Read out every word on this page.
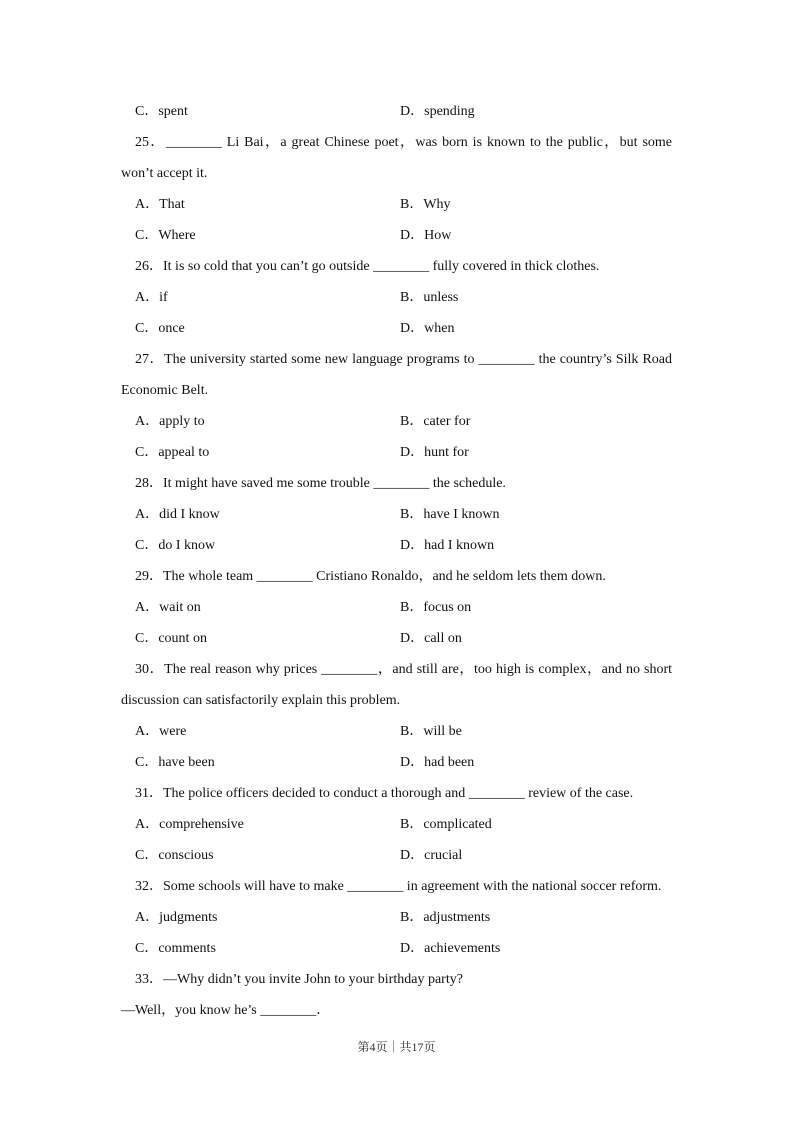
C．spent	D．spending

25．________ Li Bai，a great Chinese poet，was born is known to the public，but some won’t accept it.

A．That	B．Why
C．Where	D．How

26．It is so cold that you can’t go outside ________ fully covered in thick clothes.

A．if	B．unless
C．once	D．when

27．The university started some new language programs to ________ the country’s Silk Road Economic Belt.

A．apply to	B．cater for
C．appeal to	D．hunt for

28．It might have saved me some trouble ________ the schedule.

A．did I know	B．have I known
C．do I know	D．had I known

29．The whole team ________ Cristiano Ronaldo，and he seldom lets them down.

A．wait on	B．focus on
C．count on	D．call on

30．The real reason why prices ________，and still are，too high is complex，and no short discussion can satisfactorily explain this problem.

A．were	B．will be
C．have been	D．had been

31．The police officers decided to conduct a thorough and ________ review of the case.

A．comprehensive	B．complicated
C．conscious	D．crucial

32．Some schools will have to make ________ in agreement with the national soccer reform.

A．judgments	B．adjustments
C．comments	D．achievements

33．—Why didn’t you invite John to your birthday party?

—Well，you know he’s ________．

第4页｜共17页
